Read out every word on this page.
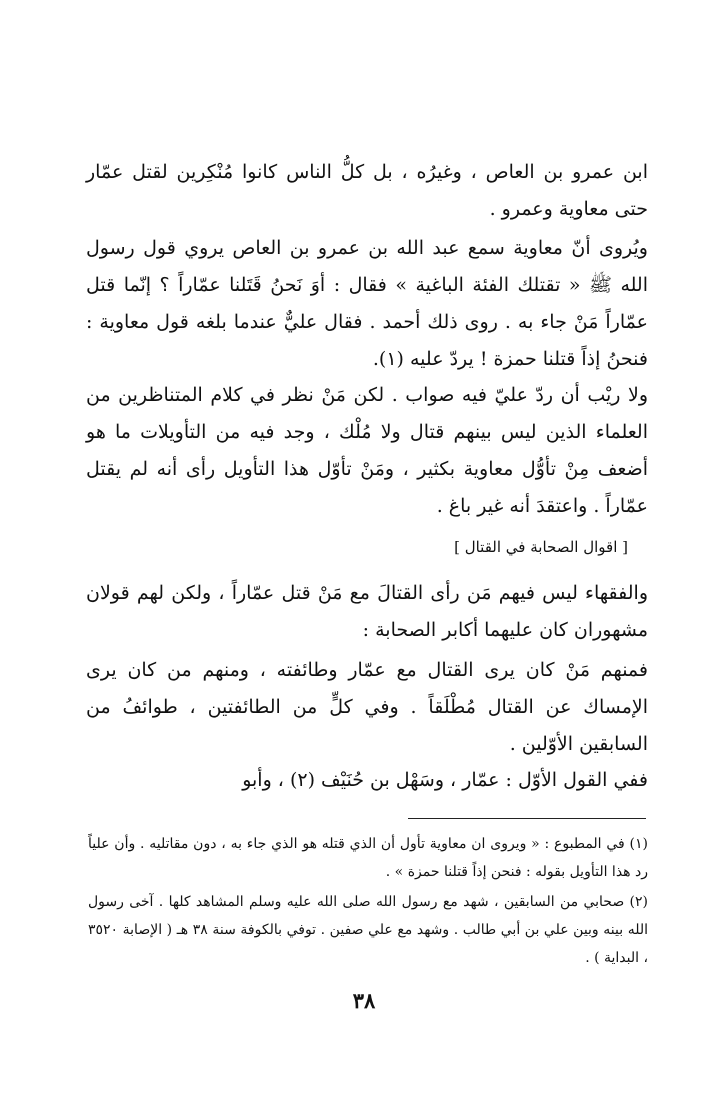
ابن عمرو بن العاص ، وغيرُه ، بل كلُّ الناس كانوا مُنْكِرين لقتل عمّار حتى معاوية وعمرو .

ويُروى أنّ معاوية سمع عبد الله بن عمرو بن العاص يروي قول رسول الله ﷺ « تقتلك الفئة الباغية » فقال : أوَ نَحنُ قَتَلنا عمّاراً ؟ إنّما قتل عمّاراً مَنْ جاء به . روى ذلك أحمد . فقال عليٌّ عندما بلغه قول معاوية : فنحنُ إذاً قتلنا حمزة ! يردّ عليه (١).

ولا ريْب أن ردّ عليّ فيه صواب . لكن مَنْ نظر في كلام المتناظرين من العلماء الذين ليس بينهم قتال ولا مُلْك ، وجد فيه من التأويلات ما هو أضعف مِنْ تأوُّل معاوية بكثير ، ومَنْ تأوّل هذا التأويل رأى أنه لم يقتل عمّاراً . واعتقدَ أنه غير باغ .

[ اقوال الصحابة في القتال ]

والفقهاء ليس فيهم مَن رأى القتالَ مع مَنْ قتل عمّاراً ، ولكن لهم قولان مشهوران كان عليهما أكابر الصحابة :

فمنهم مَنْ كان يرى القتال مع عمّار وطائفته ، ومنهم من كان يرى الإمساك عن القتال مُطْلَقاً . وفي كلٍّ من الطائفتين ، طوائفُ من السابقين الأوّلين .

ففي القول الأوّل : عمّار ، وسَهْل بن حُنَيْف (٢) ، وأبو

(١) في المطبوع : « ويروى ان معاوية تأول أن الذي قتله هو الذي جاء به ، دون مقاتليه . وأن علياً رد هذا التأويل بقوله : فنحن إذاً قتلنا حمزة » .

(٢) صحابي من السابقين ، شهد مع رسول الله صلى الله عليه وسلم المشاهد كلها . آخى رسول الله بينه وبين علي بن أبي طالب . وشهد مع علي صفين . توفي بالكوفة سنة ٣٨ هـ ( الإصابة ٣٥٢٠ ، البداية ) .

٣٨
